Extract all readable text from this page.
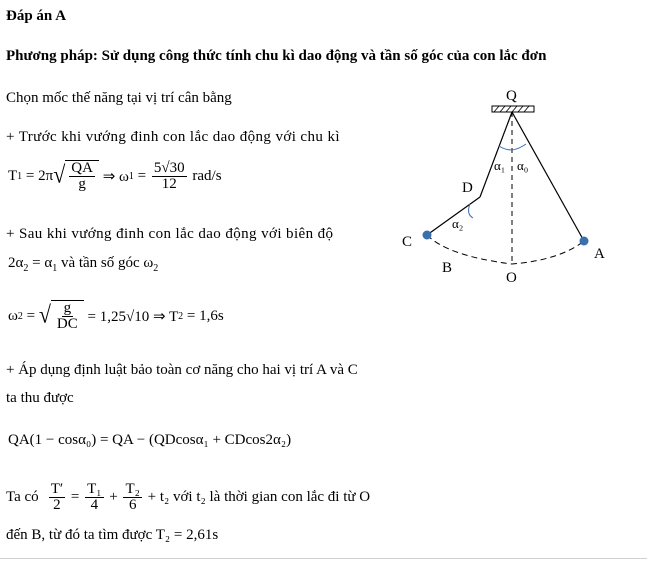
Đáp án A
Phương pháp: Sử dụng công thức tính chu kì dao động và tần số góc của con lắc đơn
Chọn mốc thế năng tại vị trí cân bằng
+ Trước khi vướng đinh con lắc dao động với chu kì
T 1 = 2π √ $\frac{QA}{g}$ ⇒ ω $1 = \frac{5√30}{12} rad/s$
+ Sau khi vướng đinh con lắc dao động với biên độ
$2\alpha_2 = \alpha_1$ và tần số góc $\omega_2$
ω 2 = √ $\frac{g}{DC} = 1,25√10$ ⇒ T 2 = 1,6s
+ Áp dụng định luật bảo toàn cơ năng cho hai vị trí A và C
ta thu được
QA(1 − cosα₀) = QA − (QDcosα₁ + CDcos2α₂)
Ta có $\frac{T'}{2} = \frac{\text{T₁}}{4} + \frac{\text{T₂}}{6} + t_2$ với t₂ là thời gian con lắc đi từ O
đến B, từ đó ta tìm được T₂ = 2,61s
Q
α₁ α₀
α₂
D
C
B
O
A
